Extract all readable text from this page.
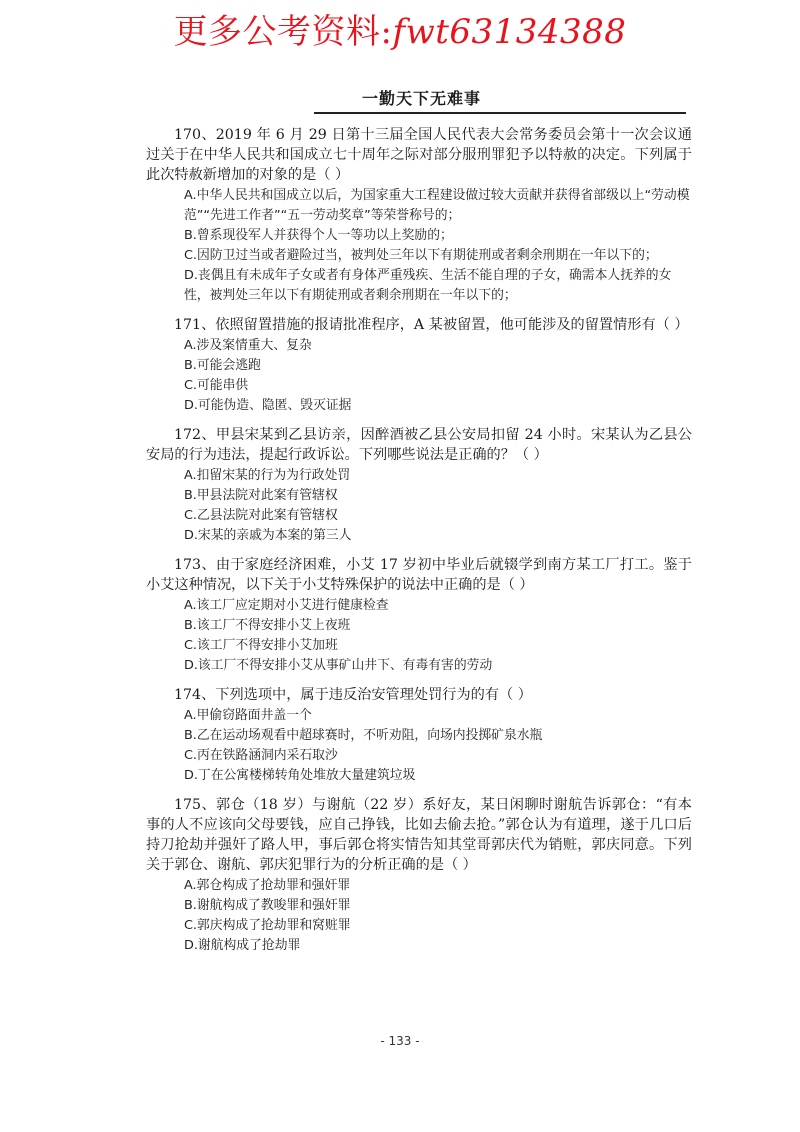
更多公考资料:fwt63134388
一勤天下无难事
170、2019 年 6 月 29 日第十三届全国人民代表大会常务委员会第十一次会议通过关于在中华人民共和国成立七十周年之际对部分服刑罪犯予以特赦的决定。下列属于此次特赦新增加的对象的是（ ）
A.中华人民共和国成立以后，为国家重大工程建设做过较大贡献并获得省部级以上“劳动模范”“先进工作者”“五一劳动奖章”等荣誉称号的；
B.曾系现役军人并获得个人一等功以上奖励的；
C.因防卫过当或者避险过当，被判处三年以下有期徒刑或者剩余刑期在一年以下的；
D.丧偶且有未成年子女或者有身体严重残疾、生活不能自理的子女，确需本人抚养的女性，被判处三年以下有期徒刑或者剩余刑期在一年以下的；
171、依照留置措施的报请批准程序，A 某被留置，他可能涉及的留置情形有（ ）
A.涉及案情重大、复杂
B.可能会逃跑
C.可能串供
D.可能伪造、隐匿、毁灭证据
172、甲县宋某到乙县访亲，因醉酒被乙县公安局扣留 24 小时。宋某认为乙县公安局的行为违法，提起行政诉讼。下列哪些说法是正确的？（ ）
A.扣留宋某的行为为行政处罚
B.甲县法院对此案有管辖权
C.乙县法院对此案有管辖权
D.宋某的亲戚为本案的第三人
173、由于家庭经济困难，小艾 17 岁初中毕业后就辍学到南方某工厂打工。鉴于小艾这种情况，以下关于小艾特殊保护的说法中正确的是（ ）
A.该工厂应定期对小艾进行健康检查
B.该工厂不得安排小艾上夜班
C.该工厂不得安排小艾加班
D.该工厂不得安排小艾从事矿山井下、有毒有害的劳动
174、下列选项中，属于违反治安管理处罚行为的有（ ）
A.甲偷窃路面井盖一个
B.乙在运动场观看中超球赛时，不听劝阻，向场内投掷矿泉水瓶
C.丙在铁路涵洞内采石取沙
D.丁在公寓楼梯转角处堆放大量建筑垃圾
175、郭仓（18 岁）与谢航（22 岁）系好友，某日闲聊时谢航告诉郭仓：“有本事的人不应该向父母要钱，应自己挣钱，比如去偷去抢。”郭仓认为有道理，遂于几口后持刀抢劫并强奸了路人甲，事后郭仓将实情告知其堂哥郭庆代为销赃，郭庆同意。下列关于郭仓、谢航、郭庆犯罪行为的分析正确的是（ ）
A.郭仓构成了抢劫罪和强奸罪
B.谢航构成了教唆罪和强奸罪
C.郭庆构成了抢劫罪和窝赃罪
D.谢航构成了抢劫罪
- 133 -
